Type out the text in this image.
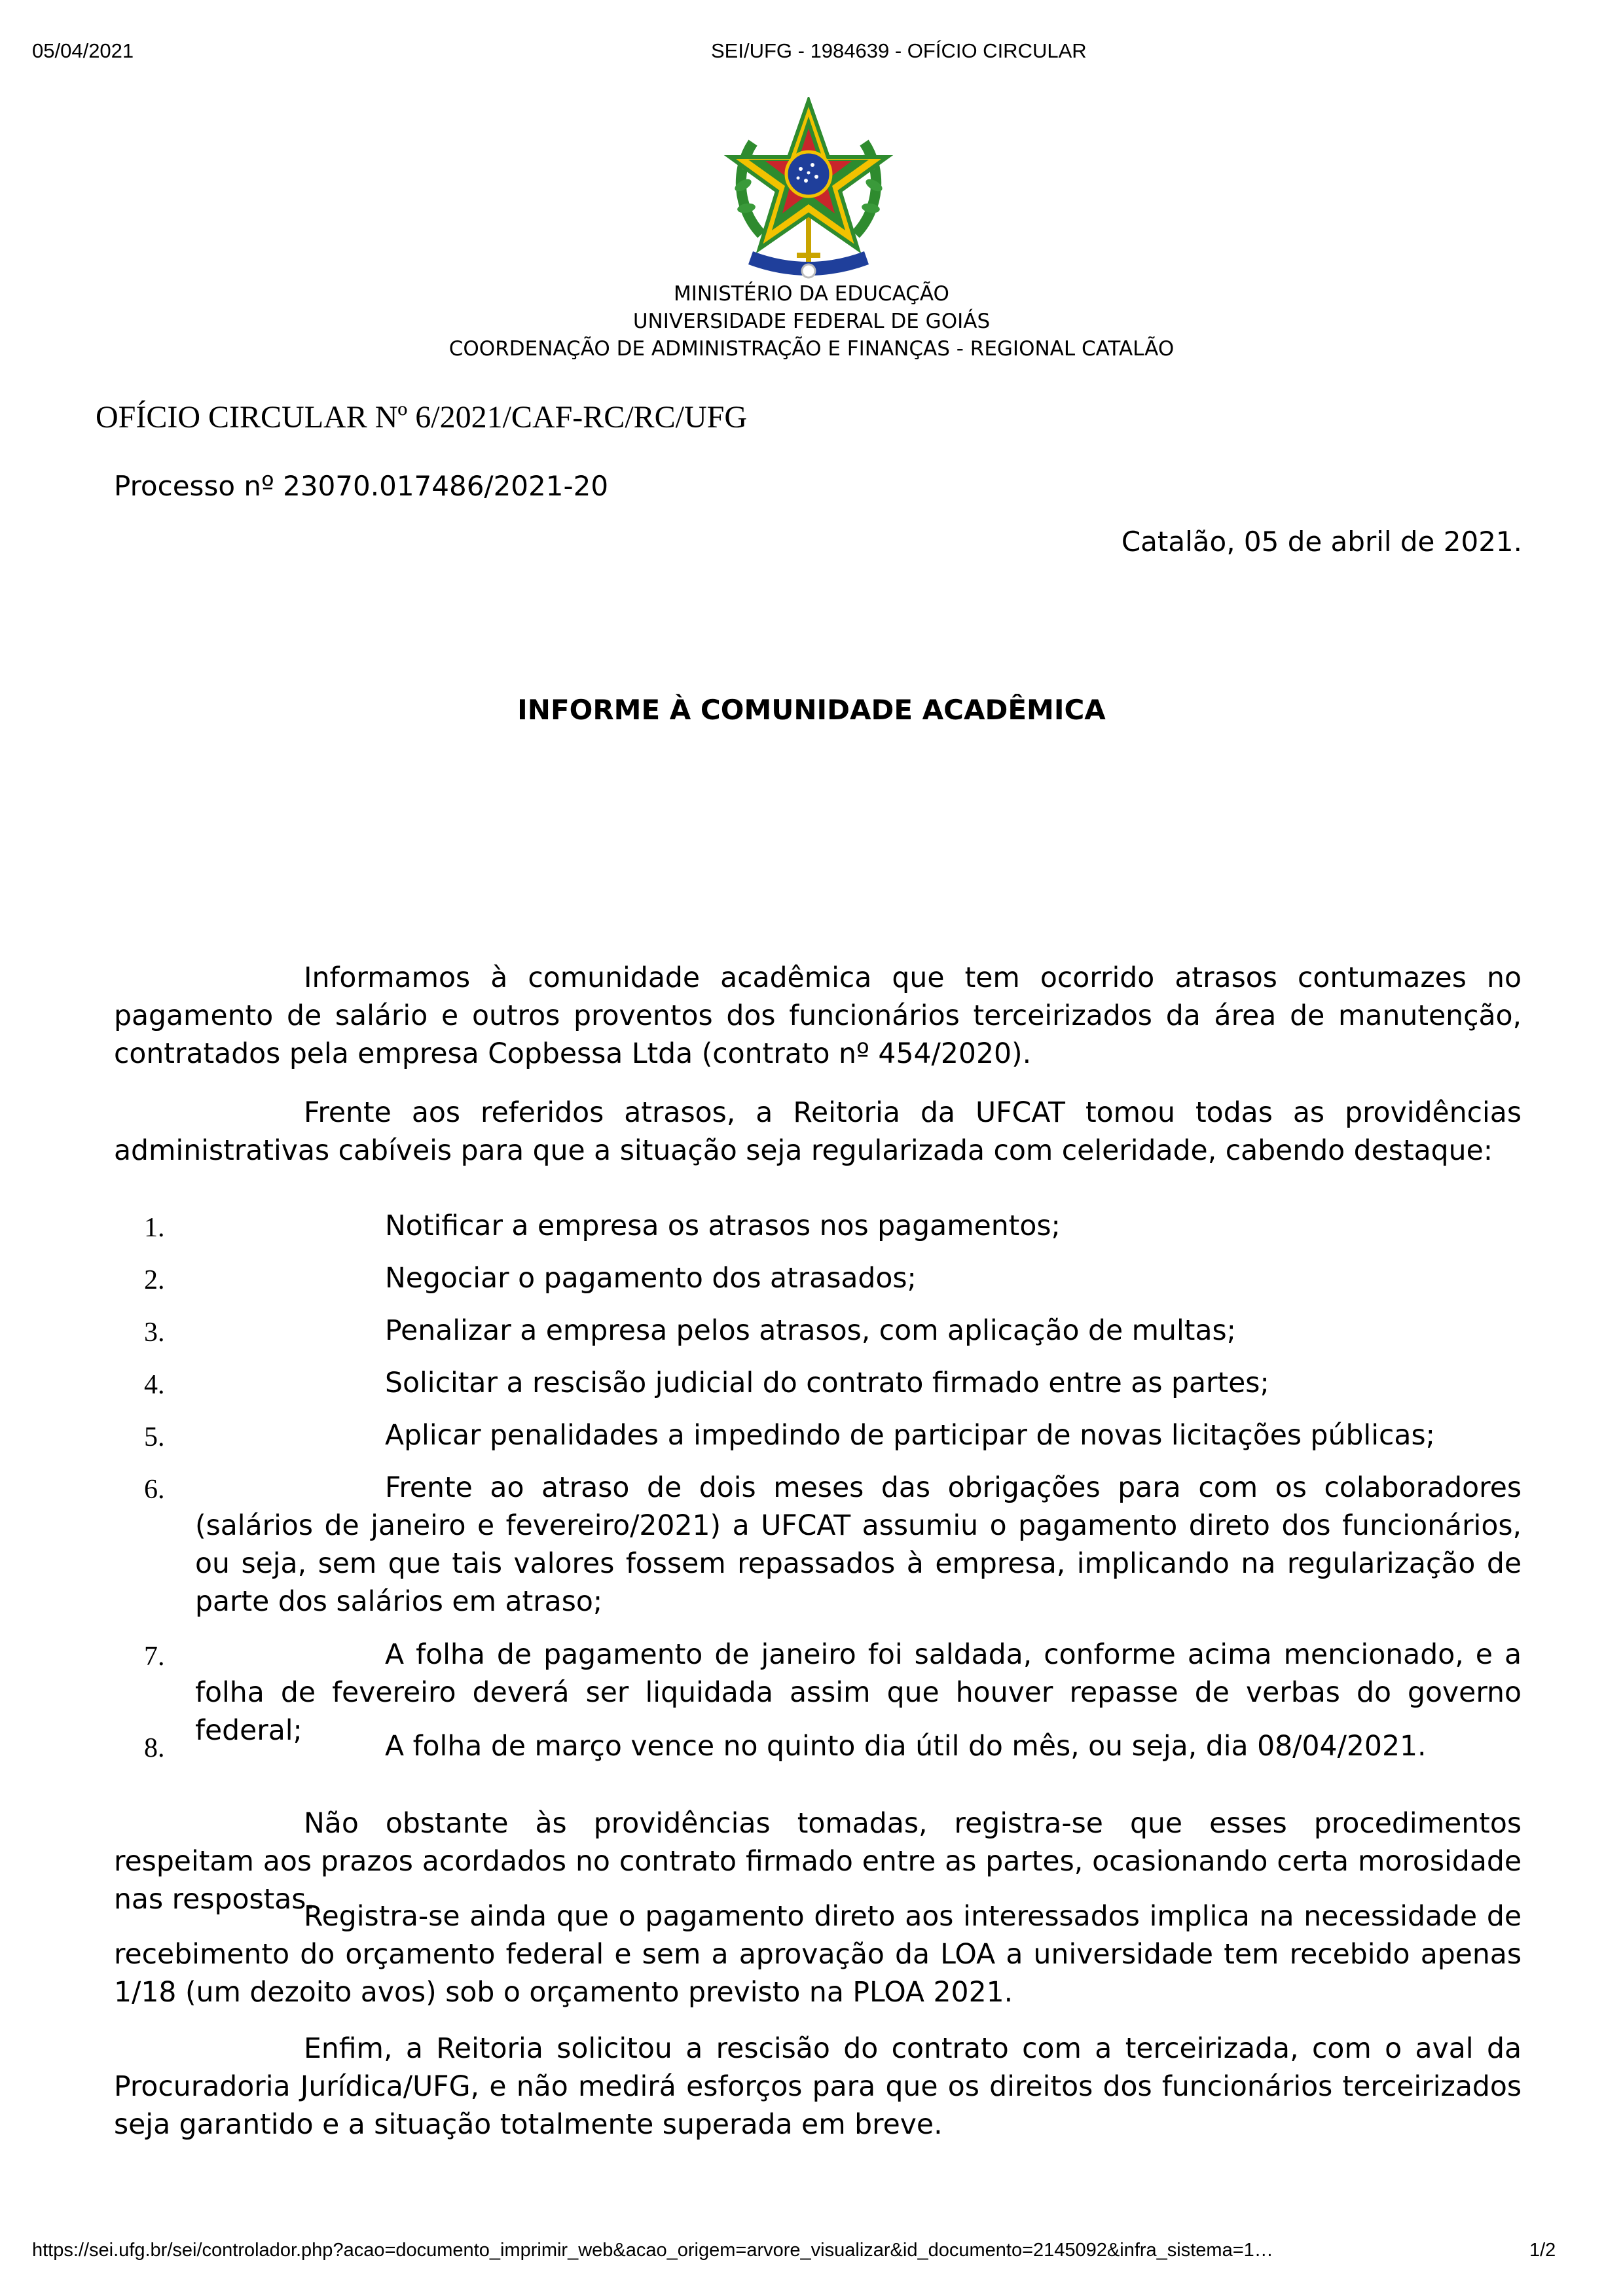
05/04/2021	SEI/UFG - 1984639 - OFÍCIO CIRCULAR
MINISTÉRIO DA EDUCAÇÃO
UNIVERSIDADE FEDERAL DE GOIÁS
COORDENAÇÃO DE ADMINISTRAÇÃO E FINANÇAS - REGIONAL CATALÃO
OFÍCIO CIRCULAR Nº 6/2021/CAF-RC/RC/UFG
Processo nº 23070.017486/2021-20
Catalão, 05 de abril de 2021.
INFORME À COMUNIDADE ACADÊMICA

Informamos à comunidade acadêmica que tem ocorrido atrasos contumazes no pagamento de salário e outros proventos dos funcionários terceirizados da área de manutenção, contratados pela empresa Copbessa Ltda (contrato nº 454/2020).

Frente aos referidos atrasos, a Reitoria da UFCAT tomou todas as providências administrativas cabíveis para que a situação seja regularizada com celeridade, cabendo destaque:

1.	Notificar a empresa os atrasos nos pagamentos;
2.	Negociar o pagamento dos atrasados;
3.	Penalizar a empresa pelos atrasos, com aplicação de multas;
4.	Solicitar a rescisão judicial do contrato firmado entre as partes;
5.	Aplicar penalidades a impedindo de participar de novas licitações públicas;
6.	Frente ao atraso de dois meses das obrigações para com os colaboradores (salários de janeiro e fevereiro/2021) a UFCAT assumiu o pagamento direto dos funcionários, ou seja, sem que tais valores fossem repassados à empresa, implicando na regularização de parte dos salários em atraso;
7.	A folha de pagamento de janeiro foi saldada, conforme acima mencionado, e a folha de fevereiro deverá ser liquidada assim que houver repasse de verbas do governo federal;
8.	A folha de março vence no quinto dia útil do mês, ou seja, dia 08/04/2021.

Não obstante às providências tomadas, registra-se que esses procedimentos respeitam aos prazos acordados no contrato firmado entre as partes, ocasionando certa morosidade nas respostas.

Registra-se ainda que o pagamento direto aos interessados implica na necessidade de recebimento do orçamento federal e sem a aprovação da LOA a universidade tem recebido apenas 1/18 (um dezoito avos) sob o orçamento previsto na PLOA 2021.

Enfim, a Reitoria solicitou a rescisão do contrato com a terceirizada, com o aval da Procuradoria Jurídica/UFG, e não medirá esforços para que os direitos dos funcionários terceirizados seja garantido e a situação totalmente superada em breve.

https://sei.ufg.br/sei/controlador.php?acao=documento_imprimir_web&acao_origem=arvore_visualizar&id_documento=2145092&infra_sistema=1…	1/2
